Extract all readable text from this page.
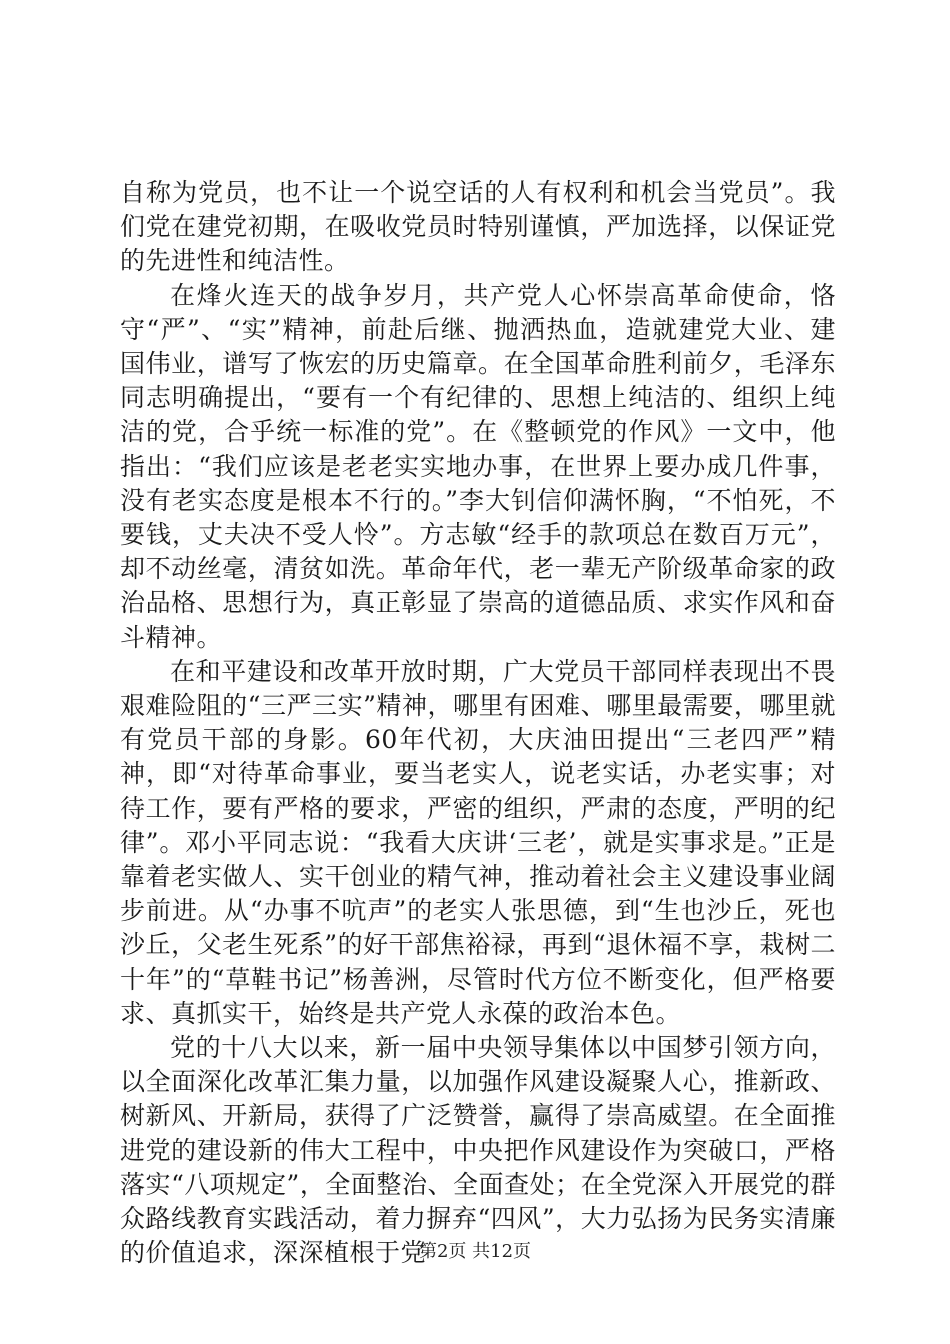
自称为党员，也不让一个说空话的人有权利和机会当党员”。我们党在建党初期，在吸收党员时特别谨慎，严加选择，以保证党的先进性和纯洁性。

在烽火连天的战争岁月，共产党人心怀崇高革命使命，恪守“严”、“实”精神，前赴后继、抛洒热血，造就建党大业、建国伟业，谱写了恢宏的历史篇章。在全国革命胜利前夕，毛泽东同志明确提出，“要有一个有纪律的、思想上纯洁的、组织上纯洁的党，合乎统一标准的党”。在《整顿党的作风》一文中，他指出：“我们应该是老老实实地办事，在世界上要办成几件事，没有老实态度是根本不行的。”李大钊信仰满怀胸，“不怕死，不要钱，丈夫决不受人怜”。方志敏“经手的款项总在数百万元”，却不动丝毫，清贫如洗。革命年代，老一辈无产阶级革命家的政治品格、思想行为，真正彰显了崇高的道德品质、求实作风和奋斗精神。

在和平建设和改革开放时期，广大党员干部同样表现出不畏艰难险阻的“三严三实”精神，哪里有困难、哪里最需要，哪里就有党员干部的身影。60年代初，大庆油田提出“三老四严”精神，即“对待革命事业，要当老实人，说老实话，办老实事；对待工作，要有严格的要求，严密的组织，严肃的态度，严明的纪律”。邓小平同志说：“我看大庆讲‘三老’，就是实事求是。”正是靠着老实做人、实干创业的精气神，推动着社会主义建设事业阔步前进。从“办事不吭声”的老实人张思德，到“生也沙丘，死也沙丘，父老生死系”的好干部焦裕禄，再到“退休福不享，栽树二十年”的“草鞋书记”杨善洲，尽管时代方位不断变化，但严格要求、真抓实干，始终是共产党人永葆的政治本色。

党的十八大以来，新一届中央领导集体以中国梦引领方向，以全面深化改革汇集力量，以加强作风建设凝聚人心，推新政、树新风、开新局，获得了广泛赞誉，赢得了崇高威望。在全面推进党的建设新的伟大工程中，中央把作风建设作为突破口，严格落实“八项规定”，全面整治、全面查处；在全党深入开展党的群众路线教育实践活动，着力摒弃“四风”，大力弘扬为民务实清廉的价值追求，深深植根于党

第2页 共12页
